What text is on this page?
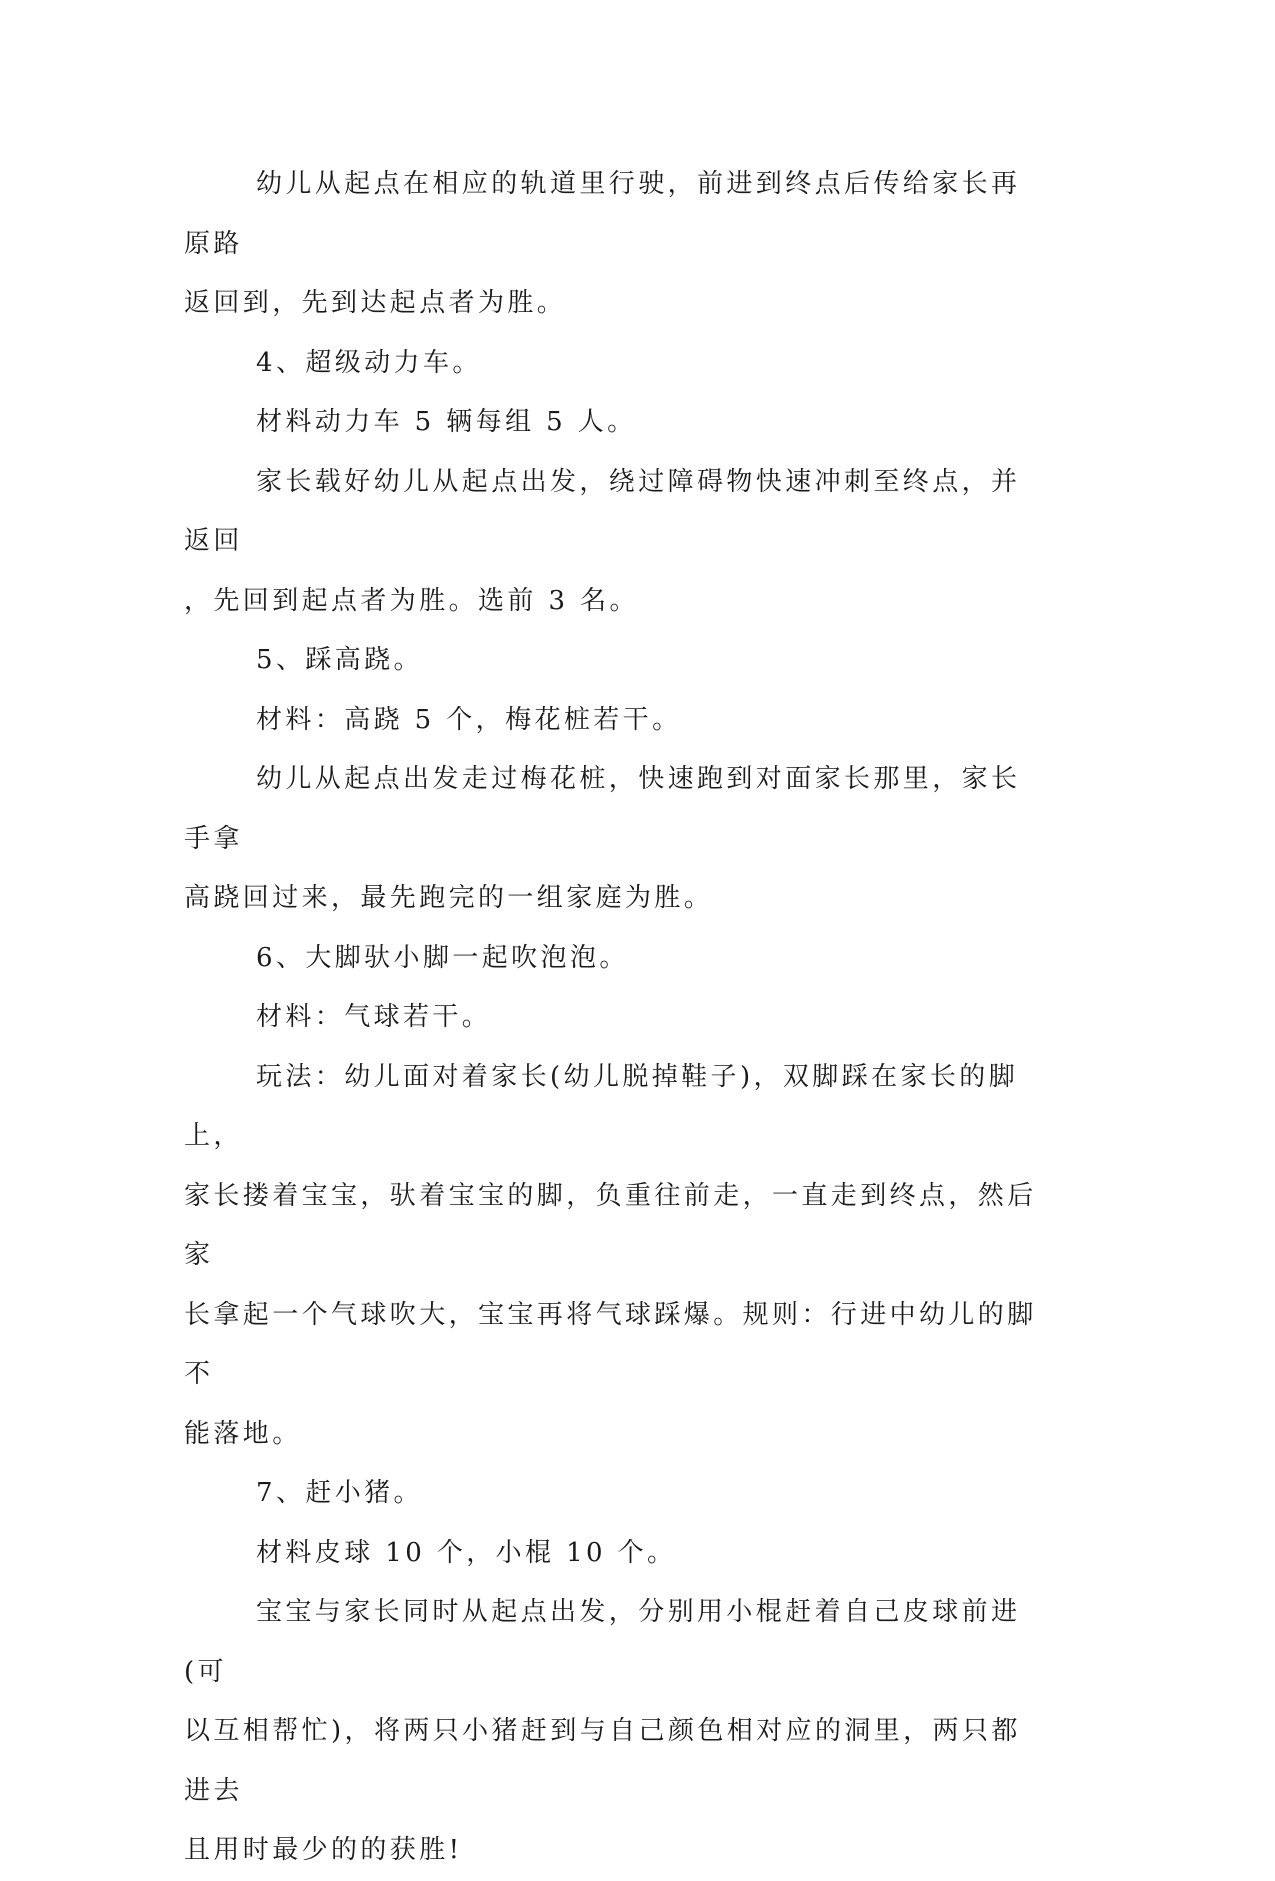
幼儿从起点在相应的轨道里行驶，前进到终点后传给家长再原路

返回到，先到达起点者为胜。

4、超级动力车。

材料动力车 5 辆每组 5 人。

家长载好幼儿从起点出发，绕过障碍物快速冲刺至终点，并返回

，先回到起点者为胜。选前 3 名。

5、踩高跷。

材料：高跷 5 个，梅花桩若干。

幼儿从起点出发走过梅花桩，快速跑到对面家长那里，家长手拿

高跷回过来，最先跑完的一组家庭为胜。

6、大脚驮小脚一起吹泡泡。

材料：气球若干。

玩法：幼儿面对着家长(幼儿脱掉鞋子)，双脚踩在家长的脚上，

家长搂着宝宝，驮着宝宝的脚，负重往前走，一直走到终点，然后家

长拿起一个气球吹大，宝宝再将气球踩爆。规则：行进中幼儿的脚不

能落地。

7、赶小猪。

材料皮球 10 个，小棍 10 个。

宝宝与家长同时从起点出发，分别用小棍赶着自己皮球前进(可

以互相帮忙)，将两只小猪赶到与自己颜色相对应的洞里，两只都进去

且用时最少的的获胜!
